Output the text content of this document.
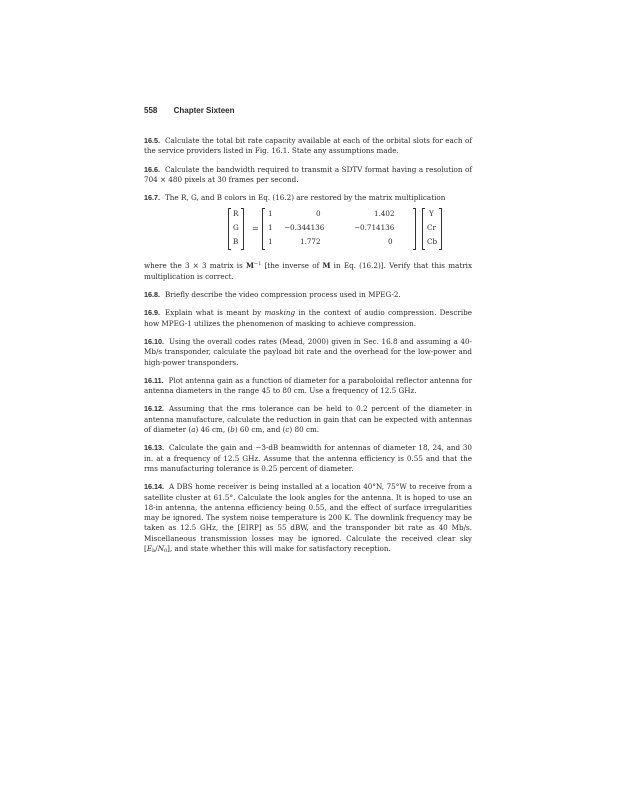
558 Chapter Sixteen

16.5. Calculate the total bit rate capacity available at each of the orbital slots for each of the service providers listed in Fig. 16.1. State any assumptions made.

16.6. Calculate the bandwidth required to transmit a SDTV format having a resolution of 704 × 480 pixels at 30 frames per second.

16.7. The R, G, and B colors in Eq. (16.2) are restored by the matrix multiplication

R
G
B
=
1	0	1.402
1 −0.344136	−0.714136
1	1.772	0
Y
Cr
Cb

where the 3 × 3 matrix is $M^{-1}$ [the inverse of M in Eq. (16.2)]. Verify that this matrix multiplication is correct.

16.8. Briefly describe the video compression process used in MPEG-2.

16.9. Explain what is meant by masking in the context of audio compression. Describe how MPEG-1 utilizes the phenomenon of masking to achieve compression.

16.10. Using the overall codes rates (Mead, 2000) given in Sec. 16.8 and assuming a 40-Mb/s transponder, calculate the payload bit rate and the overhead for the low-power and high-power transponders.

16.11. Plot antenna gain as a function of diameter for a paraboloidal reflector antenna for antenna diameters in the range 45 to 80 cm. Use a frequency of 12.5 GHz.

16.12. Assuming that the rms tolerance can be held to 0.2 percent of the diameter in antenna manufacture, calculate the reduction in gain that can be expected with antennas of diameter (a) 46 cm, (b) 60 cm, and (c) 80 cm.

16.13. Calculate the gain and −3-dB beamwidth for antennas of diameter 18, 24, and 30 in. at a frequency of 12.5 GHz. Assume that the antenna efficiency is 0.55 and that the rms manufacturing tolerance is 0.25 percent of diameter.

16.14. A DBS home receiver is being installed at a location 40°N, 75°W to receive from a satellite cluster at 61.5°. Calculate the look angles for the antenna. It is hoped to use an 18-in antenna, the antenna efficiency being 0.55, and the effect of surface irregularities may be ignored. The system noise temperature is 200 K. The downlink frequency may be taken as 12.5 GHz, the [EIRP] as 55 dBW, and the transponder bit rate as 40 Mb/s. Miscellaneous transmission losses may be ignored. Calculate the received clear sky $[E_b/N_0]$, and state whether this will make for satisfactory reception.
